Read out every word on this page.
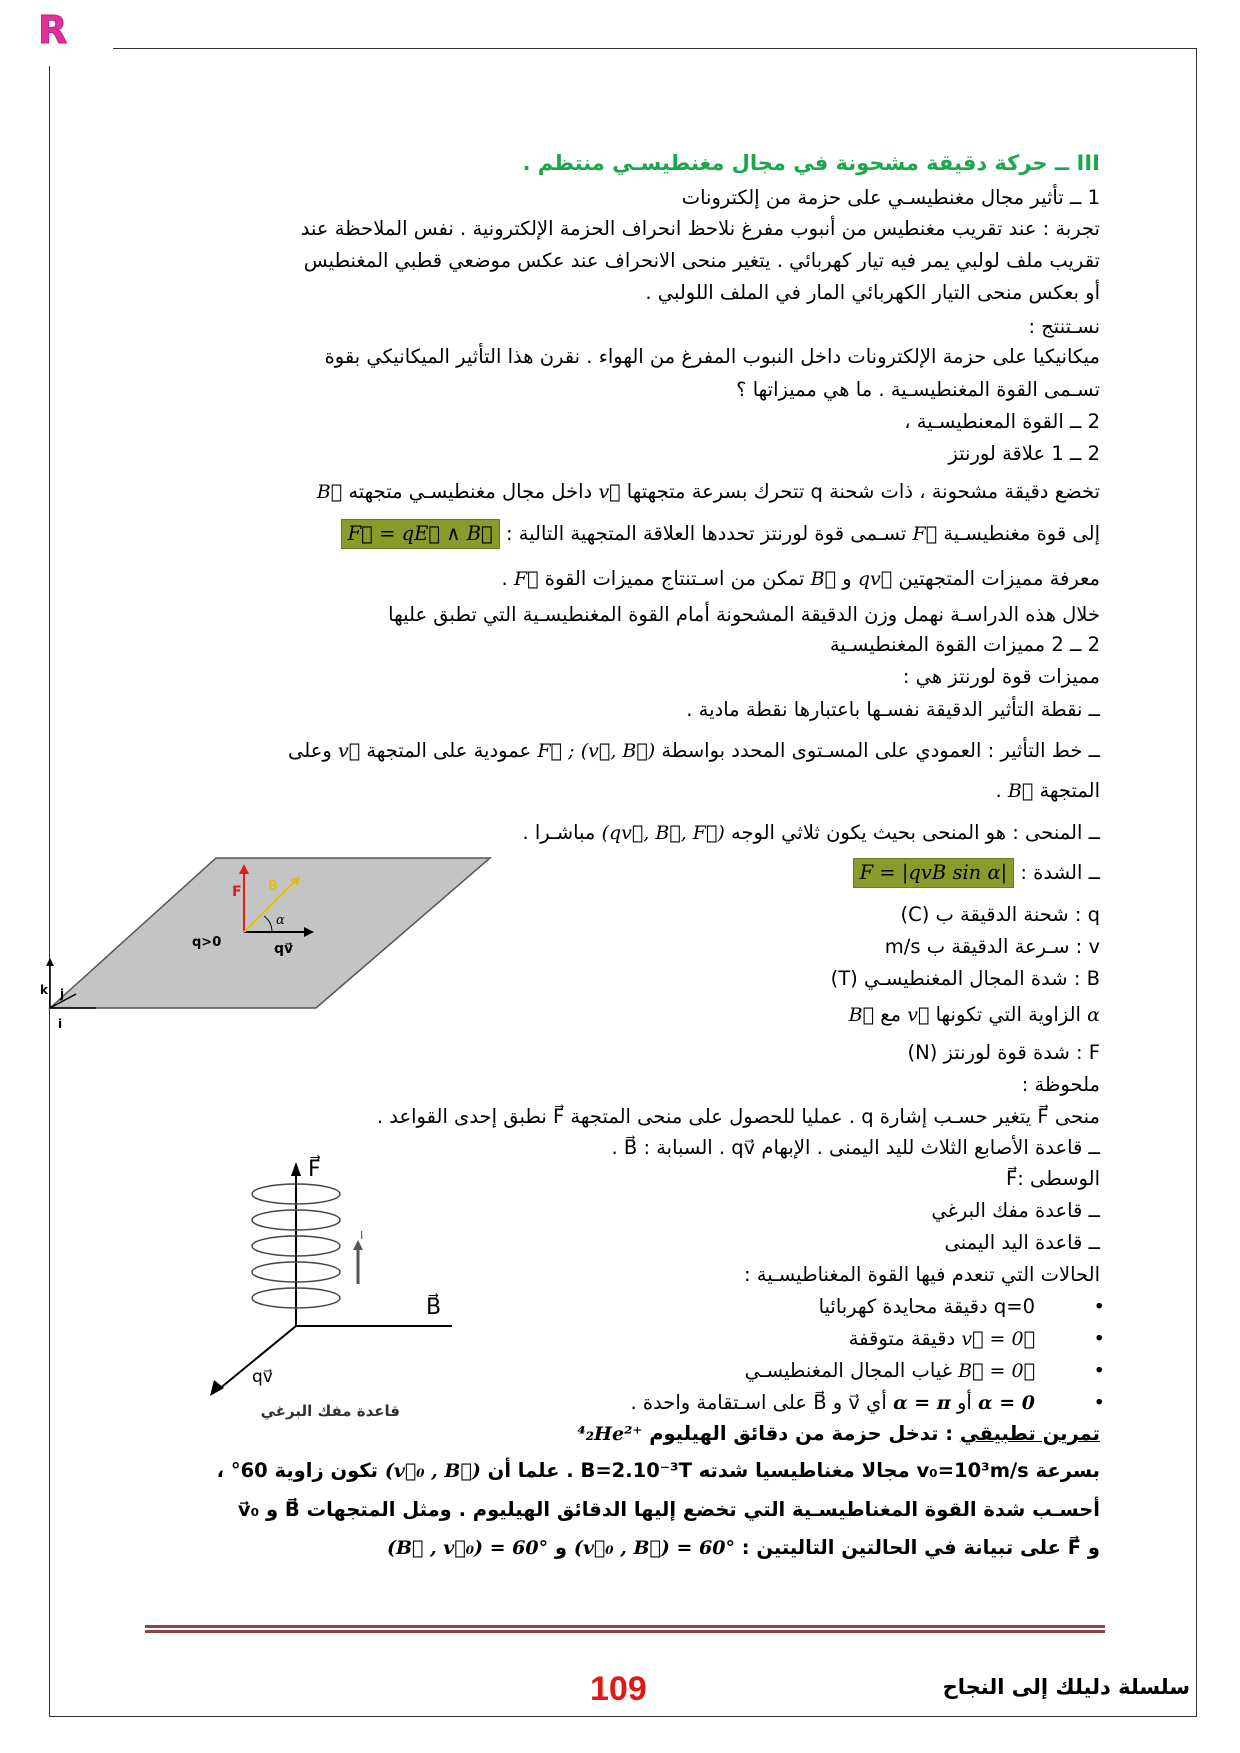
R
III ــ حركة دقيقة مشحونة في مجال مغنطيسـي منتظم .
1 ــ تأثير مجال مغنطيسـي على حزمة من إلكترونات
تجربة : عند تقريب مغنطيس من أنبوب مفرغ نلاحظ انحراف الحزمة الإلكترونية . نفس الملاحظة عند
تقريب ملف لولبي يمر فيه تيار كهربائي . يتغير منحى الانحراف عند عكس موضعي قطبي المغنطيس
أو بعكس منحى التيار الكهربائي المار في الملف اللولبي .
نسـتنتج :
ميكانيكيا على حزمة الإلكترونات داخل النبوب المفرغ من الهواء . نقرن هذا التأثير الميكانيكي بقوة
تسـمى القوة المغنطيسـية . ما هي مميزاتها ؟
2 ــ القوة المعنطيسـية ،
2 ــ 1 علاقة لورنتز
تخضع دقيقة مشحونة ، ذات شحنة q تتحرك بسرعة متجهتها v⃗ داخل مجال مغنطيسـي متجهته B⃗
إلى قوة مغنطيسـية F⃗ تسـمى قوة لورنتز تحددها العلاقة المتجهية التالية : F⃗ = qE⃗ ∧ B⃗
معرفة مميزات المتجهتين qv⃗ و B⃗ تمكن من اسـتنتاج مميزات القوة F⃗ .
خلال هذه الدراسـة نهمل وزن الدقيقة المشحونة أمام القوة المغنطيسـية التي تطبق عليها
2 ــ 2 مميزات القوة المغنطيسـية
مميزات قوة لورنتز هي :
ــ نقطة التأثير الدقيقة نفسـها باعتبارها نقطة مادية .
ــ خط التأثير : العمودي على المسـتوى المحدد بواسطة (v⃗, B⃗) ; F⃗ عمودية على المتجهة v⃗ وعلى
المتجهة B⃗ .
ــ المنحى : هو المنحى بحيث يكون ثلاثي الوجه (qv⃗, B⃗, F⃗) مباشـرا .
ــ الشدة : F = |qvB sin α|
q : شحنة الدقيقة ب (C)
v : سـرعة الدقيقة ب m/s
B : شدة المجال المغنطيسـي (T)
α الزاوية التي تكونها v⃗ مع B⃗
F : شدة قوة لورنتز (N)
ملحوظة :
منحى F⃗ يتغير حسـب إشارة q . عمليا للحصول على منحى المتجهة F⃗ نطبق إحدى القواعد .
ــ قاعدة الأصابع الثلاث لليد اليمنى . الإبهام qv⃗ . السبابة : B⃗ .
الوسطى :F⃗
ــ قاعدة مفك البرغي
ــ قاعدة اليد اليمنى
الحالات التي تنعدم فيها القوة المغناطيسـية :
•
q=0 دقيقة محايدة كهربائيا
•
v⃗ = 0⃗ دقيقة متوقفة
•
B⃗ = 0⃗ غياب المجال المغنطيسـي
•
α = 0 أو α = π أي v⃗ و B⃗ على اسـتقامة واحدة .
تمرين تطبيقي : تدخل حزمة من دقائق الهيليوم ⁴₂He²⁺
بسرعة v₀=10³m/s مجالا مغناطيسيا شدته B=2.10⁻³T . علما أن (v⃗₀ , B⃗) تكون زاوية 60° ،
أحسـب شدة القوة المغناطيسـية التي تخضع إليها الدقائق الهيليوم . ومثل المتجهات B⃗ و v⃗₀
و F⃗ على تبيانة في الحالتين التاليتين : (v⃗₀ , B⃗) = 60° و (B⃗ , v⃗₀) = 60°
F
qv⃗
B
α
q>0
k j
i
F⃗
B⃗
qv⃗
I
قاعدة مفك البرغي
109	سلسلة دليلك إلى النجاح
